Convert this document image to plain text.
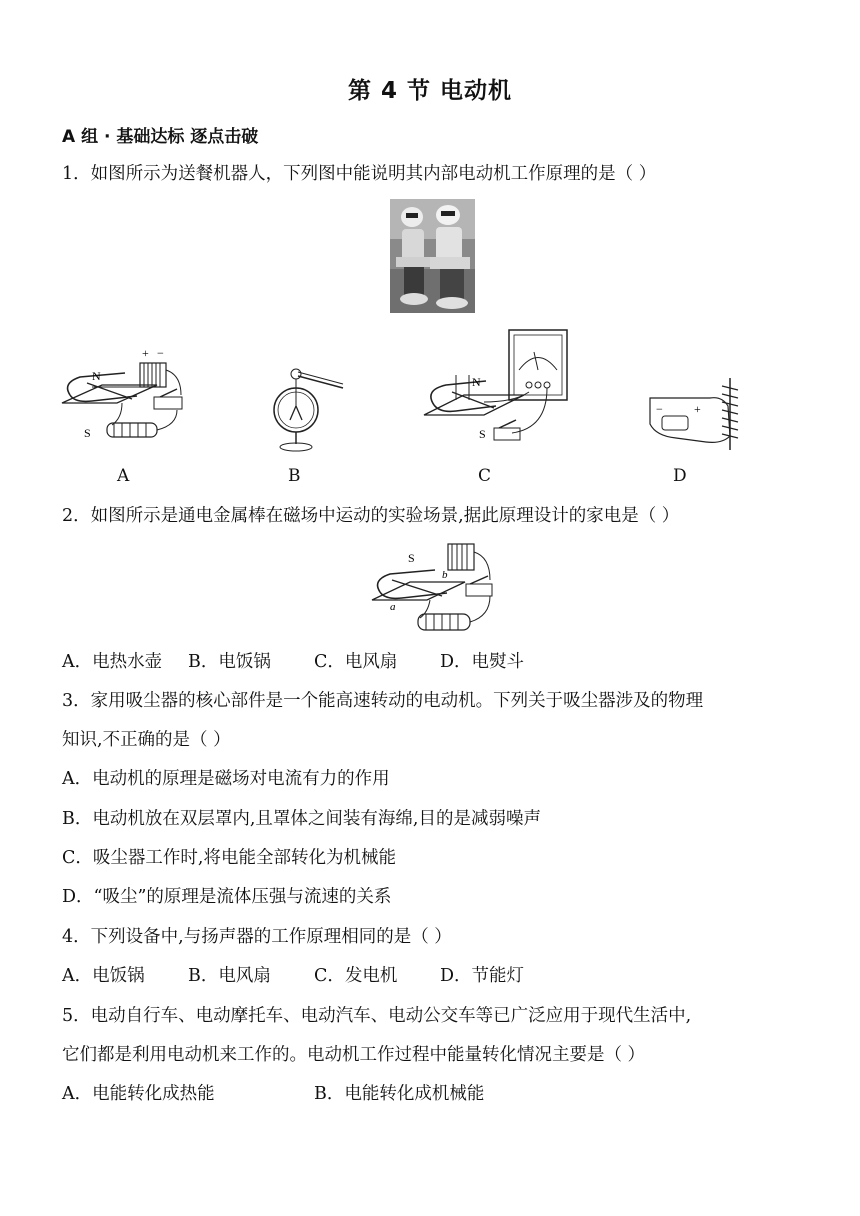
第 4 节 电动机
A 组 · 基础达标 逐点击破
1．如图所示为送餐机器人，下列图中能说明其内部电动机工作原理的是（ ）
N
S
+ −
N
S
−	+
A	B	C	D
2．如图所示是通电金属棒在磁场中运动的实验场景,据此原理设计的家电是（ ）
S
b
a
A．电热水壶 B．电饭锅 C．电风扇 D．电熨斗
3．家用吸尘器的核心部件是一个能高速转动的电动机。下列关于吸尘器涉及的物理
知识,不正确的是（ ）
A．电动机的原理是磁场对电流有力的作用
B．电动机放在双层罩内,且罩体之间装有海绵,目的是减弱噪声
C．吸尘器工作时,将电能全部转化为机械能
D．“吸尘”的原理是流体压强与流速的关系
4．下列设备中,与扬声器的工作原理相同的是（ ）
A．电饭锅 B．电风扇 C．发电机 D．节能灯
5．电动自行车、电动摩托车、电动汽车、电动公交车等已广泛应用于现代生活中,
它们都是利用电动机来工作的。电动机工作过程中能量转化情况主要是（ ）
A．电能转化成热能	B．电能转化成机械能
